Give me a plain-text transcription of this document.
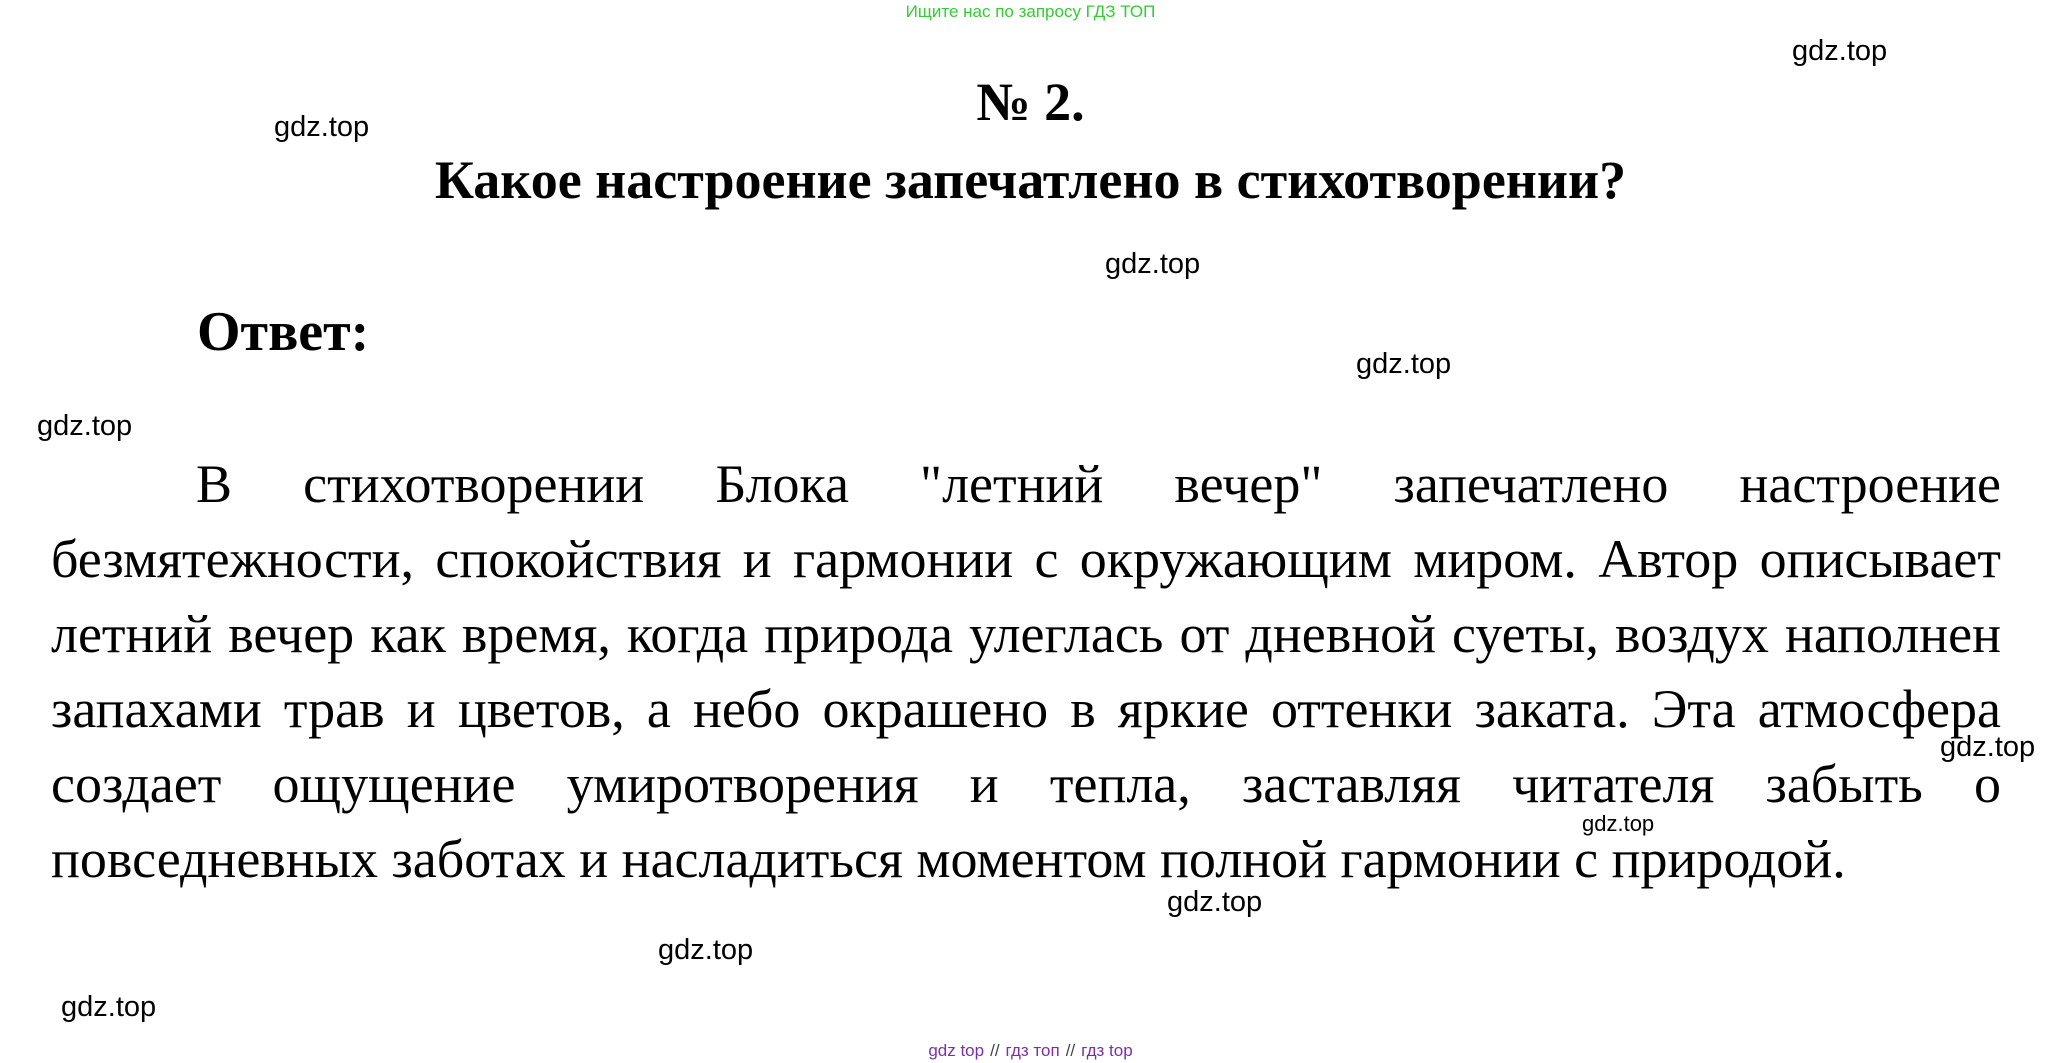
Ищите нас по запросу ГДЗ ТОП
№ 2.
Какое настроение запечатлено в стихотворении?
Ответ:
В стихотворении Блока "летний вечер" запечатлено настроение безмятежности, спокойствия и гармонии с окружающим миром. Автор описывает летний вечер как время, когда природа улеглась от дневной суеты, воздух наполнен запахами трав и цветов, а небо окрашено в яркие оттенки заката. Эта атмосфера создает ощущение умиротворения и тепла, заставляя читателя забыть о повседневных заботах и насладиться моментом полной гармонии с природой.
gdz.top
gdz.top
gdz.top
gdz.top
gdz.top
gdz.top
gdz.top
gdz.top
gdz.top
gdz.top
gdz top // гдз топ // гдз top
